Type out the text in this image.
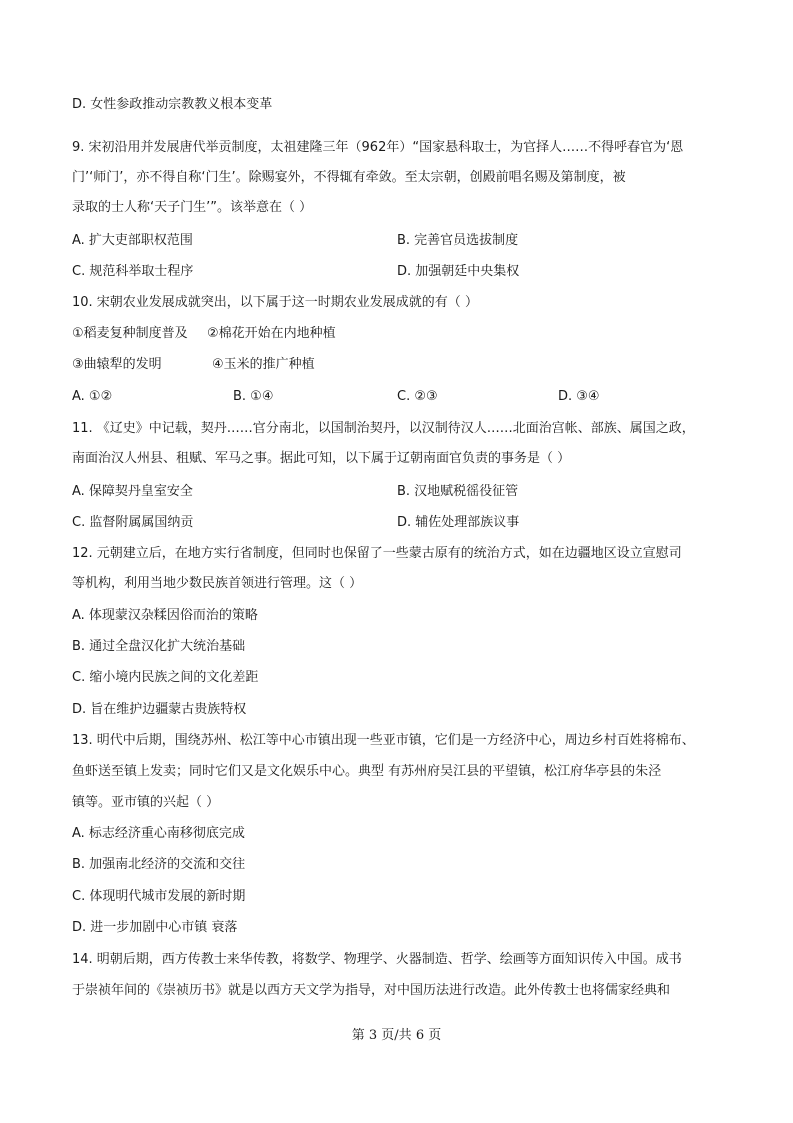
D. 女性参政推动宗教教义根本变革
9. 宋初沿用并发展唐代举贡制度，太祖建隆三年（962年）“国家悬科取士，为官择人……不得呼春官为‘恩
门’‘师门’，亦不得自称‘门生’。除赐宴外，不得辄有牵敛。至太宗朝，创殿前唱名赐及第制度，被
录取的士人称‘天子门生’”。该举意在（ ）
A. 扩大吏部职权范围	B. 完善官员选拔制度
C. 规范科举取士程序	D. 加强朝廷中央集权
10. 宋朝农业发展成就突出，以下属于这一时期农业发展成就的有（ ）
①稻麦复种制度普及 ②棉花开始在内地种植
③曲辕犁的发明	④玉米的推广种植
A. ①②	B. ①④	C. ②③	D. ③④
11. 《辽史》中记载，契丹……官分南北，以国制治契丹，以汉制待汉人……北面治宫帐、部族、属国之政，
南面治汉人州县、租赋、军马之事。据此可知，以下属于辽朝南面官负责的事务是（ ）
A. 保障契丹皇室安全	B. 汉地赋税徭役征管
C. 监督附属属国纳贡	D. 辅佐处理部族议事
12. 元朝建立后，在地方实行省制度，但同时也保留了一些蒙古原有的统治方式，如在边疆地区设立宣慰司
等机构，利用当地少数民族首领进行管理。这（ ）
A. 体现蒙汉杂糅因俗而治的策略
B. 通过全盘汉化扩大统治基础
C. 缩小境内民族之间的文化差距
D. 旨在维护边疆蒙古贵族特权
13. 明代中后期，围绕苏州、松江等中心市镇出现一些亚市镇，它们是一方经济中心，周边乡村百姓将棉布、
鱼虾送至镇上发卖；同时它们又是文化娱乐中心。典型 有苏州府吴江县的平望镇，松江府华亭县的朱泾
镇等。亚市镇的兴起（ ）
A. 标志经济重心南移彻底完成
B. 加强南北经济的交流和交往
C. 体现明代城市发展的新时期
D. 进一步加剧中心市镇 衰落
14. 明朝后期，西方传教士来华传教，将数学、物理学、火器制造、哲学、绘画等方面知识传入中国。成书
于崇祯年间的《崇祯历书》就是以西方天文学为指导，对中国历法进行改造。此外传教士也将儒家经典和
第 3 页/共 6 页
